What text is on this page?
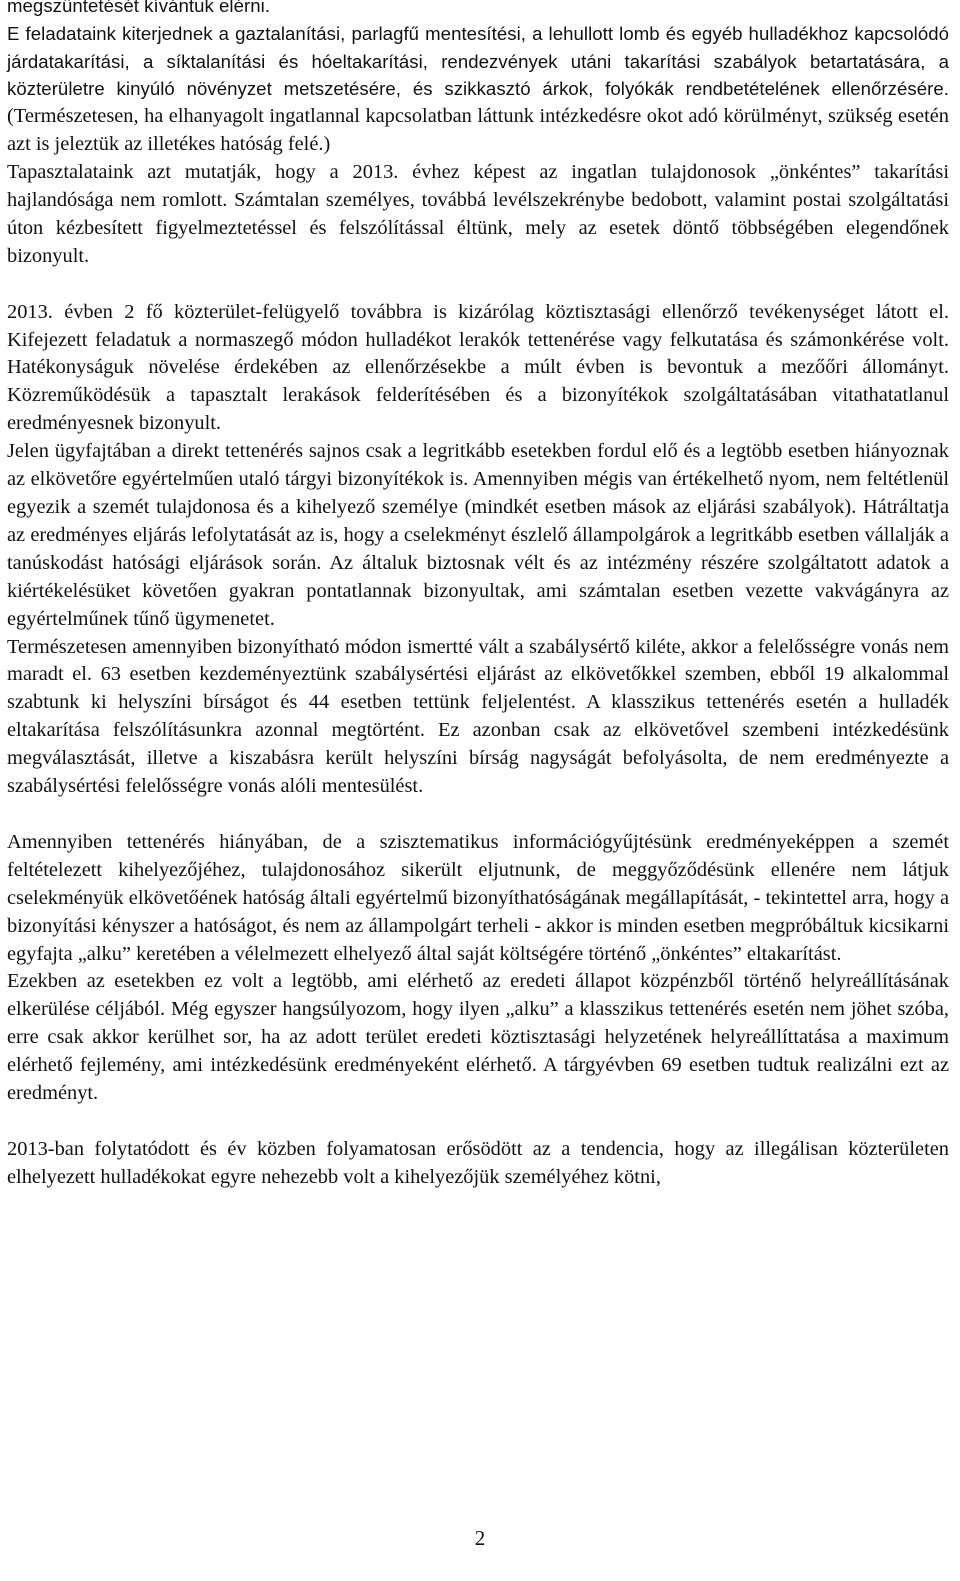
megszüntetését kívántuk elérni.

E feladataink kiterjednek a gaztalanítási, parlagfű mentesítési, a lehullott lomb és egyéb hulladékhoz kapcsolódó járdatakarítási, a síktalanítási és hóeltakarítási, rendezvények utáni takarítási szabályok betartatására, a közterületre kinyúló növényzet metszetésére, és szikkasztó árkok, folyókák rendbetételének ellenőrzésére. (Természetesen, ha elhanyagolt ingatlannal kapcsolatban láttunk intézkedésre okot adó körülményt, szükség esetén azt is jeleztük az illetékes hatóság felé.)

Tapasztalataink azt mutatják, hogy a 2013. évhez képest az ingatlan tulajdonosok „önkéntes” takarítási hajlandósága nem romlott. Számtalan személyes, továbbá levélszekrénybe bedobott, valamint postai szolgáltatási úton kézbesített figyelmeztetéssel és felszólítással éltünk, mely az esetek döntő többségében elegendőnek bizonyult.

2013. évben 2 fő közterület-felügyelő továbbra is kizárólag köztisztasági ellenőrző tevékenységet látott el. Kifejezett feladatuk a normaszegő módon hulladékot lerakók tettenérése vagy felkutatása és számonkérése volt. Hatékonyságuk növelése érdekében az ellenőrzésekbe a múlt évben is bevontuk a mezőőri állományt. Közreműködésük a tapasztalt lerakások felderítésében és a bizonyítékok szolgáltatásában vitathatatlanul eredményesnek bizonyult.

Jelen ügyfajtában a direkt tettenérés sajnos csak a legritkább esetekben fordul elő és a legtöbb esetben hiányoznak az elkövetőre egyértelműen utaló tárgyi bizonyítékok is. Amennyiben mégis van értékelhető nyom, nem feltétlenül egyezik a szemét tulajdonosa és a kihelyező személye (mindkét esetben mások az eljárási szabályok). Hátráltatja az eredményes eljárás lefolytatását az is, hogy a cselekményt észlelő állampolgárok a legritkább esetben vállalják a tanúskodást hatósági eljárások során. Az általuk biztosnak vélt és az intézmény részére szolgáltatott adatok a kiértékelésüket követően gyakran pontatlannak bizonyultak, ami számtalan esetben vezette vakvágányra az egyértelműnek tűnő ügymenetet.

Természetesen amennyiben bizonyítható módon ismertté vált a szabálysértő kiléte, akkor a felelősségre vonás nem maradt el. 63 esetben kezdeményeztünk szabálysértési eljárást az elkövetőkkel szemben, ebből 19 alkalommal szabtunk ki helyszíni bírságot és 44 esetben tettünk feljelentést. A klasszikus tettenérés esetén a hulladék eltakarítása felszólításunkra azonnal megtörtént. Ez azonban csak az elkövetővel szembeni intézkedésünk megválasztását, illetve a kiszabásra került helyszíni bírság nagyságát befolyásolta, de nem eredményezte a szabálysértési felelősségre vonás alóli mentesülést.

Amennyiben tettenérés hiányában, de a szisztematikus információgyűjtésünk eredményeképpen a szemét feltételezett kihelyezőjéhez, tulajdonosához sikerült eljutnunk, de meggyőződésünk ellenére nem látjuk cselekményük elkövetőének hatóság általi egyértelmű bizonyíthatóságának megállapítását, - tekintettel arra, hogy a bizonyítási kényszer a hatóságot, és nem az állampolgárt terheli - akkor is minden esetben megpróbáltuk kicsikarni egyfajta „alku” keretében a vélelmezett elhelyező által saját költségére történő „önkéntes” eltakarítást.

Ezekben az esetekben ez volt a legtöbb, ami elérhető az eredeti állapot közpénzből történő helyreállításának elkerülése céljából. Még egyszer hangsúlyozom, hogy ilyen „alku” a klasszikus tettenérés esetén nem jöhet szóba, erre csak akkor kerülhet sor, ha az adott terület eredeti köztisztasági helyzetének helyreállíttatása a maximum elérhető fejlemény, ami intézkedésünk eredményeként elérhető. A tárgyévben 69 esetben tudtuk realizálni ezt az eredményt.

2013-ban folytatódott és év közben folyamatosan erősödött az a tendencia, hogy az illegálisan közterületen elhelyezett hulladékokat egyre nehezebb volt a kihelyezőjük személyéhez kötni,

2
